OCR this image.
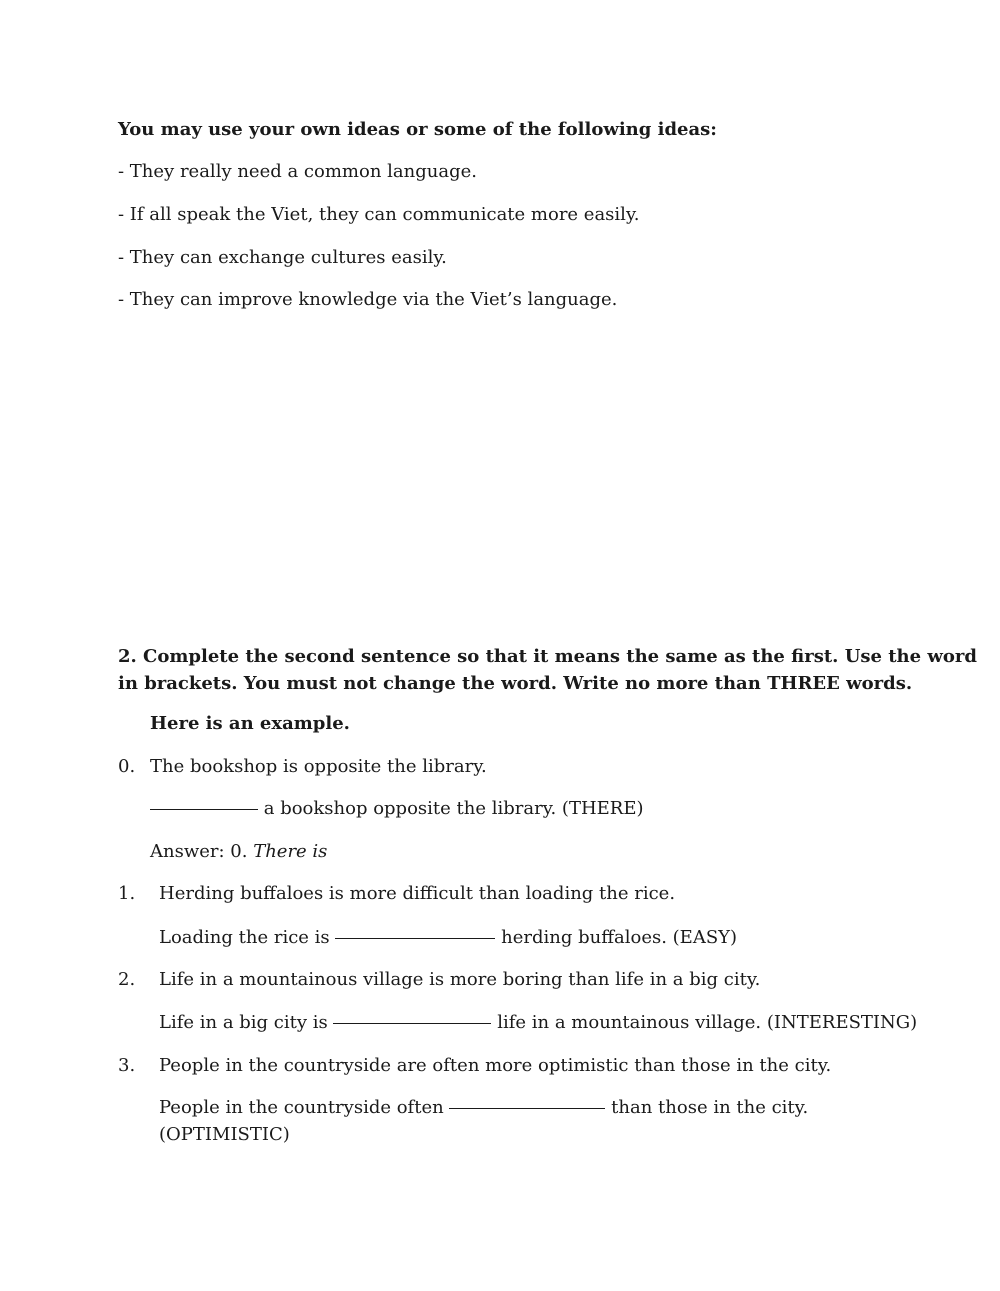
You may use your own ideas or some of the following ideas:
- They really need a common language.
- If all speak the Viet, they can communicate more easily.
- They can exchange cultures easily.
- They can improve knowledge via the Viet’s language.
2. Complete the second sentence so that it means the same as the first. Use the word
in brackets. You must not change the word. Write no more than THREE words.
Here is an example.
0. The bookshop is opposite the library.
a bookshop opposite the library. (THERE)
Answer: 0. There is
1. Herding buffaloes is more difficult than loading the rice.
Loading the rice is	herding buffaloes. (EASY)
2. Life in a mountainous village is more boring than life in a big city.
Life in a big city is	life in a mountainous village. (INTERESTING)
3. People in the countryside are often more optimistic than those in the city.
People in the countryside often	than those in the city.
(OPTIMISTIC)
